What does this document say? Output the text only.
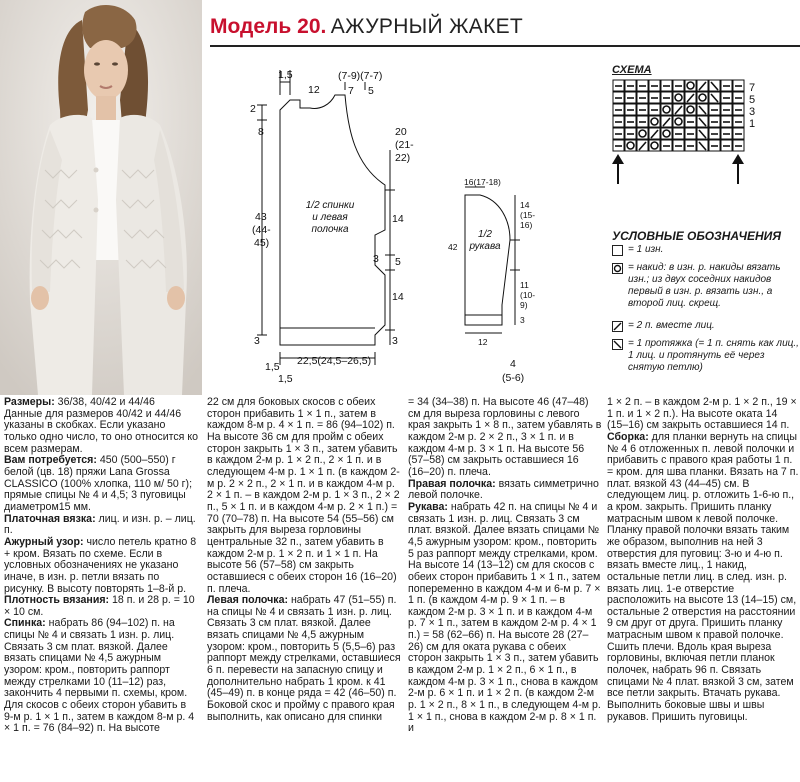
Модель 20. АЖУРНЫЙ ЖАКЕТ
1,5
12
(7-9)(7-7)
7 5
2
8
43
(44-
45)
3
20
(21-
22)
14
3 5
14
3
1,5 22,5(24,5–26,5)
1,5
1/2 спинки
и левая
полочка
16(17-18)
42
14
(15-
16)
11
(10-
9)
3
12
4
(5-6)
1/2
рукава
СХЕМА
7
5
3
1
УСЛОВНЫЕ ОБОЗНАЧЕНИЯ
= 1 изн.
= накид: в изн. р. накиды вязать изн.; из двух соседних накидов первый в изн. р. вязать изн., а второй лиц. скрещ.
= 2 п. вместе лиц.
= 1 протяжка (= 1 п. снять как лиц., 1 лиц. и протянуть её через снятую петлю)

Размеры: 36/38, 40/42 и 44/46

Данные для размеров 40/42 и 44/46 указаны в скобках. Если указано только одно число, то оно относится ко всем размерам.

Вам потребуется: 450 (500–550) г белой (цв. 18) пряжи Lana Grossa CLASSICO (100% хлопка, 110 м/ 50 г); прямые спицы № 4 и 4,5; 3 пуговицы диаметром15 мм.

Платочная вязка: лиц. и изн. р. – лиц. п.

Ажурный узор: число петель кратно 8 + кром. Вязать по схеме. Если в условных обозначениях не указано иначе, в изн. р. петли вязать по рисунку. В высоту повторять 1–8-й р.

Плотность вязания: 18 п. и 28 р. = 10 × 10 см.

Спинка: набрать 86 (94–102) п. на спицы № 4 и связать 1 изн. р. лиц. Связать 3 см плат. вязкой. Далее вязать спицами № 4,5 ажурным узором: кром., повторить раппорт между стрелками 10 (11–12) раз, закончить 4 первыми п. схемы, кром. Для скосов с обеих сторон убавить в 9-м р. 1 × 1 п., затем в каждом 8-м р. 4 × 1 п. = 76 (84–92) п. На высоте

22 см для боковых скосов с обеих сторон прибавить 1 × 1 п., затем в каждом 8-м р. 4 × 1 п. = 86 (94–102) п. На высоте 36 см для пройм с обеих сторон закрыть 1 × 3 п., затем убавить в каждом 2-м р. 1 × 2 п., 2 × 1 п. и в следующем 4-м р. 1 × 1 п. (в каждом 2-м р. 2 × 2 п., 2 × 1 п. и в каждом 4-м р. 2 × 1 п. – в каждом 2-м р. 1 × 3 п., 2 × 2 п., 5 × 1 п. и в каждом 4-м р. 2 × 1 п.) = 70 (70–78) п. На высоте 54 (55–56) см закрыть для выреза горловины центральные 32 п., затем убавить в каждом 2-м р. 1 × 2 п. и 1 × 1 п. На высоте 56 (57–58) см закрыть оставшиеся с обеих сторон 16 (16–20) п. плеча.

Левая полочка: набрать 47 (51–55) п. на спицы № 4 и связать 1 изн. р. лиц. Связать 3 см плат. вязкой. Далее вязать спицами № 4,5 ажурным узором: кром., повторить 5 (5,5–6) раз раппорт между стрелками, оставшиеся 6 п. перевести на запасную спицу и дополнительно набрать 1 кром. к 41 (45–49) п. в конце ряда = 42 (46–50) п. Боковой скос и пройму с правого края выполнить, как описано для спинки

= 34 (34–38) п. На высоте 46 (47–48) см для выреза горловины с левого края закрыть 1 × 8 п., затем убавлять в каждом 2-м р. 2 × 2 п., 3 × 1 п. и в каждом 4-м р. 3 × 1 п. На высоте 56 (57–58) см закрыть оставшиеся 16 (16–20) п. плеча.

Правая полочка: вязать симметрично левой полочке.

Рукава: набрать 42 п. на спицы № 4 и связать 1 изн. р. лиц. Связать 3 см плат. вязкой. Далее вязать спицами № 4,5 ажурным узором: кром., повторить 5 раз раппорт между стрелками, кром. На высоте 14 (13–12) см для скосов с обеих сторон прибавить 1 × 1 п., затем попеременно в каждом 4-м и 6-м р. 7 × 1 п. (в каждом 4-м р. 9 × 1 п. – в каждом 2-м р. 3 × 1 п. и в каждом 4-м р. 7 × 1 п., затем в каждом 2-м р. 4 × 1 п.) = 58 (62–66) п. На высоте 28 (27–26) см для оката рукава с обеих сторон закрыть 1 × 3 п., затем убавить в каждом 2-м р. 1 × 2 п., 6 × 1 п., в каждом 4-м р. 3 × 1 п., снова в каждом 2-м р. 6 × 1 п. и 1 × 2 п. (в каждом 2-м р. 1 × 2 п., 8 × 1 п., в следующем 4-м р. 1 × 1 п., снова в каждом 2-м р. 8 × 1 п. и

1 × 2 п. – в каждом 2-м р. 1 × 2 п., 19 × 1 п. и 1 × 2 п.). На высоте оката 14 (15–16) см закрыть оставшиеся 14 п.

Сборка: для планки вернуть на спицы № 4 6 отложенных п. левой полочки и прибавить с правого края работы 1 п. = кром. для шва планки. Вязать на 7 п. плат. вязкой 43 (44–45) см. В следующем лиц. р. отложить 1-6-ю п., а кром. закрыть. Пришить планку матрасным швом к левой полочке. Планку правой полочки вязать таким же образом, выполнив на ней 3 отверстия для пуговиц: 3-ю и 4-ю п. вязать вместе лиц., 1 накид, остальные петли лиц. в след. изн. р. вязать лиц. 1-е отверстие расположить на высоте 13 (14–15) см, остальные 2 отверстия на расстоянии 9 см друг от друга. Пришить планку матрасным швом к правой полочке. Сшить плечи. Вдоль края выреза горловины, включая петли планок полочек, набрать 96 п. Связать спицами № 4 плат. вязкой 3 см, затем все петли закрыть. Втачать рукава. Выполнить боковые швы и швы рукавов. Пришить пуговицы.
